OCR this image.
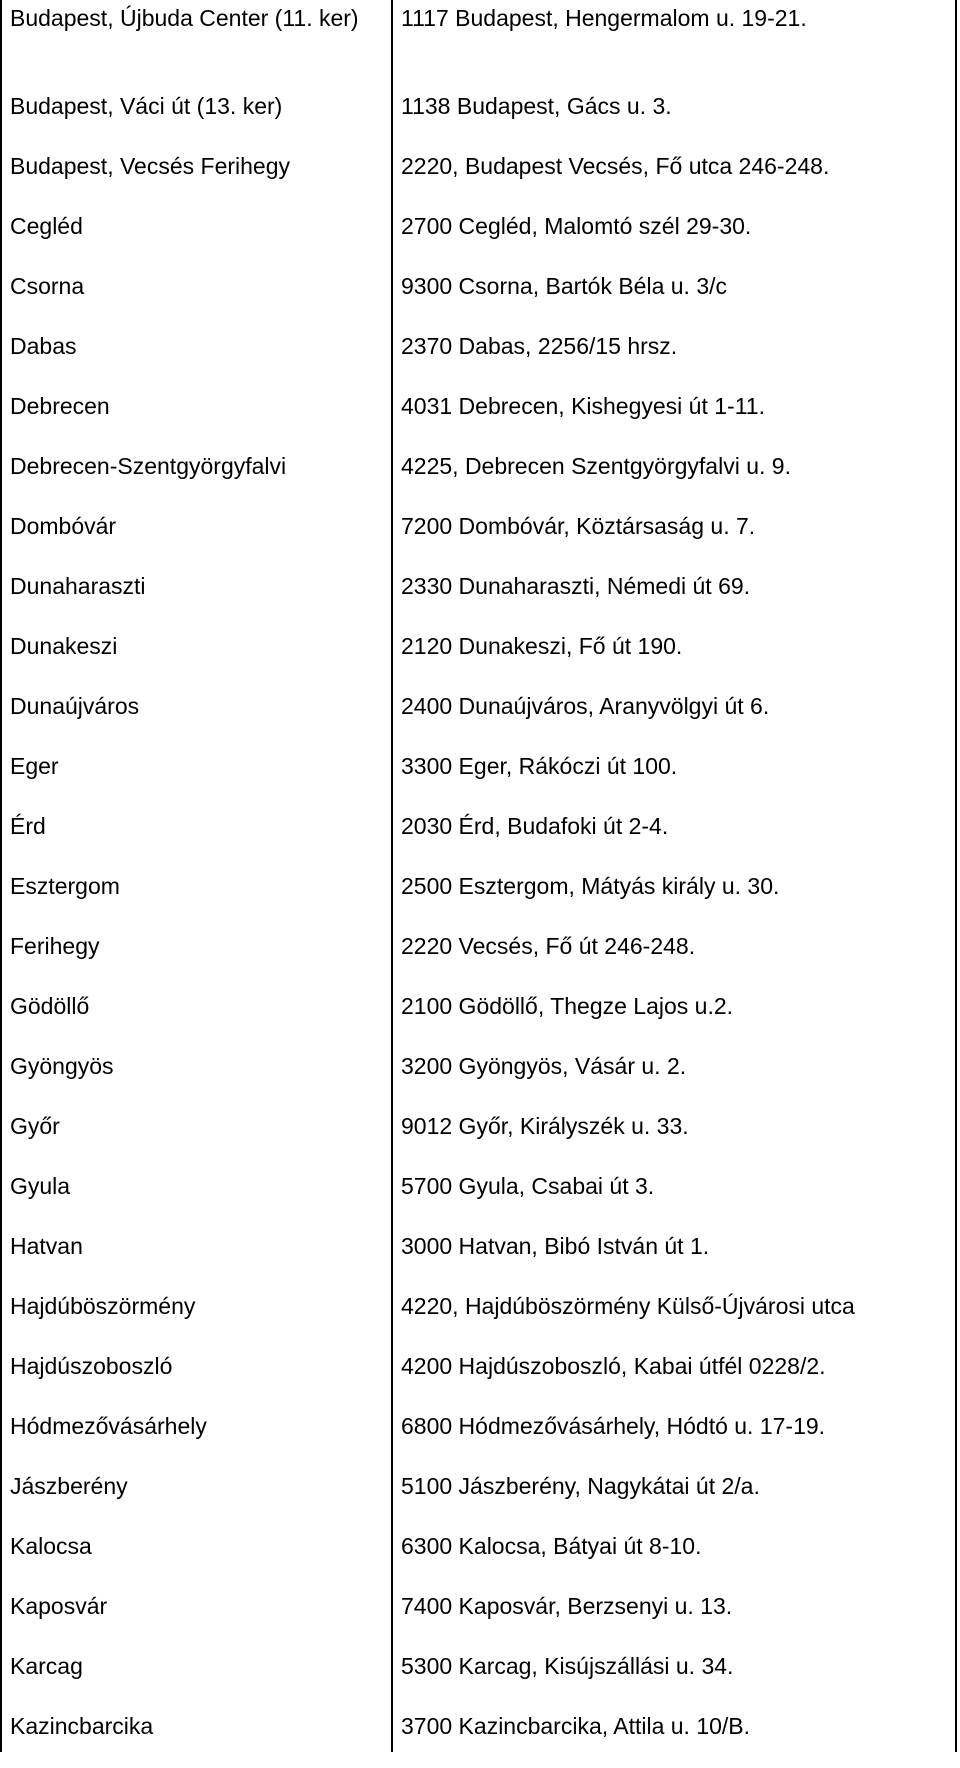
Budapest, Újbuda Center (11. ker)	1117 Budapest, Hengermalom u. 19-21.
Budapest, Váci út (13. ker)	1138 Budapest, Gács u. 3.
Budapest, Vecsés Ferihegy	2220, Budapest Vecsés, Fő utca 246-248.
Cegléd	2700 Cegléd, Malomtó szél 29-30.
Csorna	9300 Csorna, Bartók Béla u. 3/c
Dabas	2370 Dabas, 2256/15 hrsz.
Debrecen	4031 Debrecen, Kishegyesi út 1-11.
Debrecen-Szentgyörgyfalvi	4225, Debrecen Szentgyörgyfalvi u. 9.
Dombóvár	7200 Dombóvár, Köztársaság u. 7.
Dunaharaszti	2330 Dunaharaszti, Némedi út 69.
Dunakeszi	2120 Dunakeszi, Fő út 190.
Dunaújváros	2400 Dunaújváros, Aranyvölgyi út 6.
Eger	3300 Eger, Rákóczi út 100.
Érd	2030 Érd, Budafoki út 2-4.
Esztergom	2500 Esztergom, Mátyás király u. 30.
Ferihegy	2220 Vecsés, Fő út 246-248.
Gödöllő	2100 Gödöllő, Thegze Lajos u.2.
Gyöngyös	3200 Gyöngyös, Vásár u. 2.
Győr	9012 Győr, Királyszék u. 33.
Gyula	5700 Gyula, Csabai út 3.
Hatvan	3000 Hatvan, Bibó István út 1.
Hajdúböszörmény	4220, Hajdúböszörmény Külső-Újvárosi utca
Hajdúszoboszló	4200 Hajdúszoboszló, Kabai útfél 0228/2.
Hódmezővásárhely	6800 Hódmezővásárhely, Hódtó u. 17-19.
Jászberény	5100 Jászberény, Nagykátai út 2/a.
Kalocsa	6300 Kalocsa, Bátyai út 8-10.
Kaposvár	7400 Kaposvár, Berzsenyi u. 13.
Karcag	5300 Karcag, Kisújszállási u. 34.
Kazincbarcika	3700 Kazincbarcika, Attila u. 10/B.
